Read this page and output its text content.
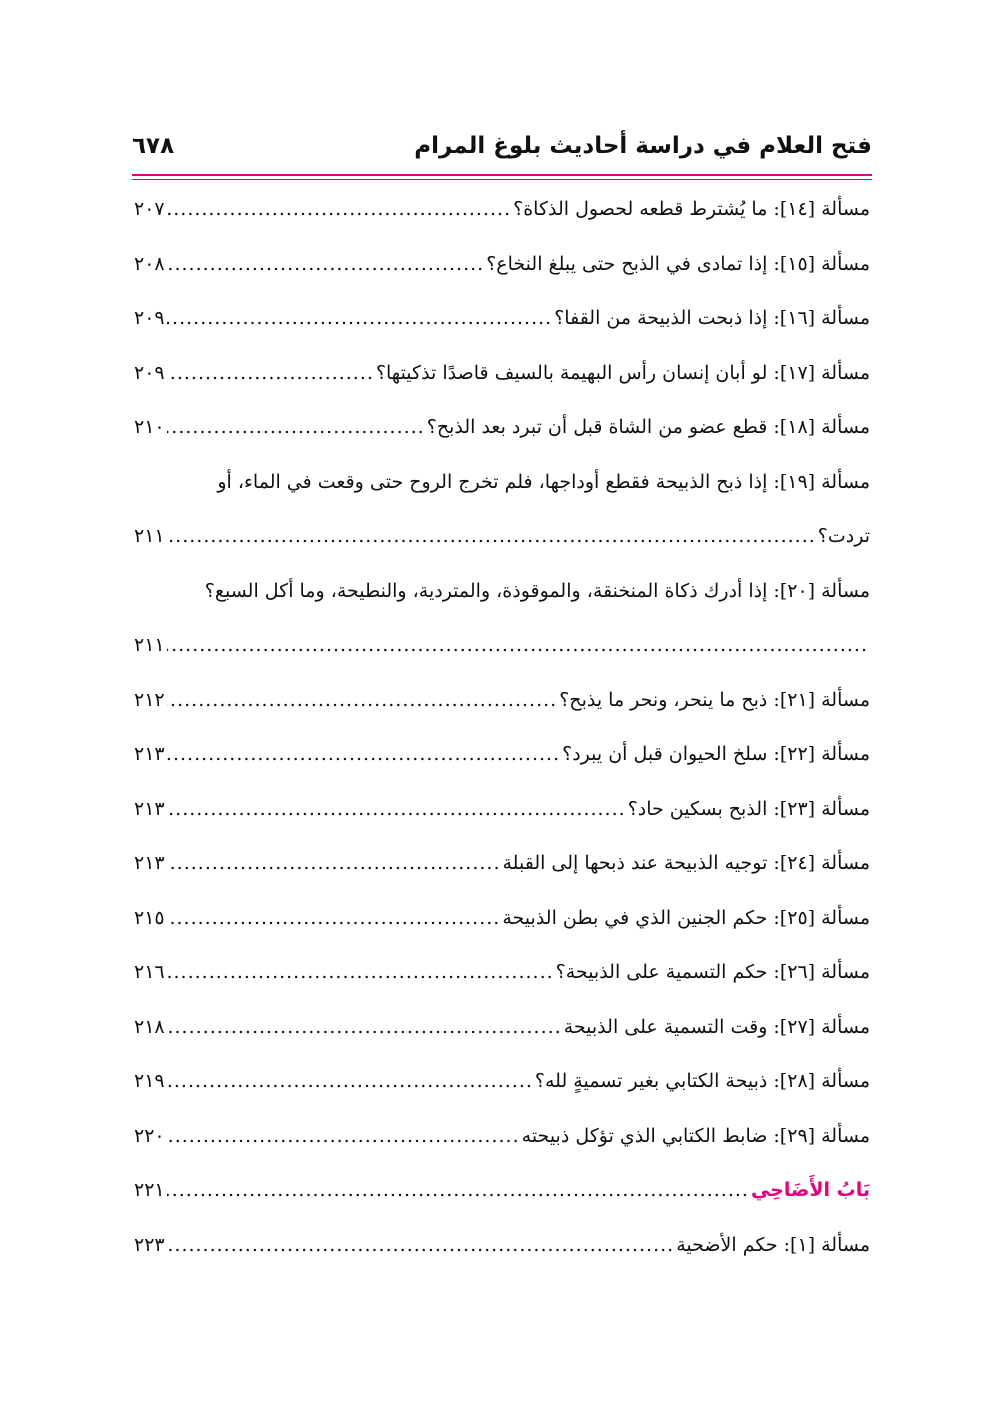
فتح العلام في دراسة أحاديث بلوغ المرام
٦٧٨
مسألة [١٤]: ما يُشترط قطعه لحصول الذكاة؟
.....
٢٠٧
مسألة [١٥]: إذا تمادى في الذبح حتى يبلغ النخاع؟
.....
٢٠٨
مسألة [١٦]: إذا ذبحت الذبيحة من القفا؟
.....
٢٠٩
مسألة [١٧]: لو أبان إنسان رأس البهيمة بالسيف قاصدًا تذكيتها؟
.....
٢٠٩
مسألة [١٨]: قطع عضو من الشاة قبل أن تبرد بعد الذبح؟
.....
٢١٠
مسألة [١٩]: إذا ذبح الذبيحة فقطع أوداجها، فلم تخرج الروح حتى وقعت في الماء، أو
تردت؟
.....
٢١١
مسألة [٢٠]: إذا أدرك ذكاة المنخنقة، والموقوذة، والمتردية، والنطيحة، وما أكل السبع؟
.....
٢١١
مسألة [٢١]: ذبح ما ينحر، ونحر ما يذبح؟
.....
٢١٢
مسألة [٢٢]: سلخ الحيوان قبل أن يبرد؟
.....
٢١٣
مسألة [٢٣]: الذبح بسكين حاد؟
.....
٢١٣
مسألة [٢٤]: توجيه الذبيحة عند ذبحها إلى القبلة
.....
٢١٣
مسألة [٢٥]: حكم الجنين الذي في بطن الذبيحة
.....
٢١٥
مسألة [٢٦]: حكم التسمية على الذبيحة؟
.....
٢١٦
مسألة [٢٧]: وقت التسمية على الذبيحة
.....
٢١٨
مسألة [٢٨]: ذبيحة الكتابي بغير تسميةٍ لله؟
.....
٢١٩
مسألة [٢٩]: ضابط الكتابي الذي تؤكل ذبيحته
.....
٢٢٠
بَابُ الأَضَاحِي
.....
٢٢١
مسألة [١]: حكم الأضحية
.....
٢٢٣
